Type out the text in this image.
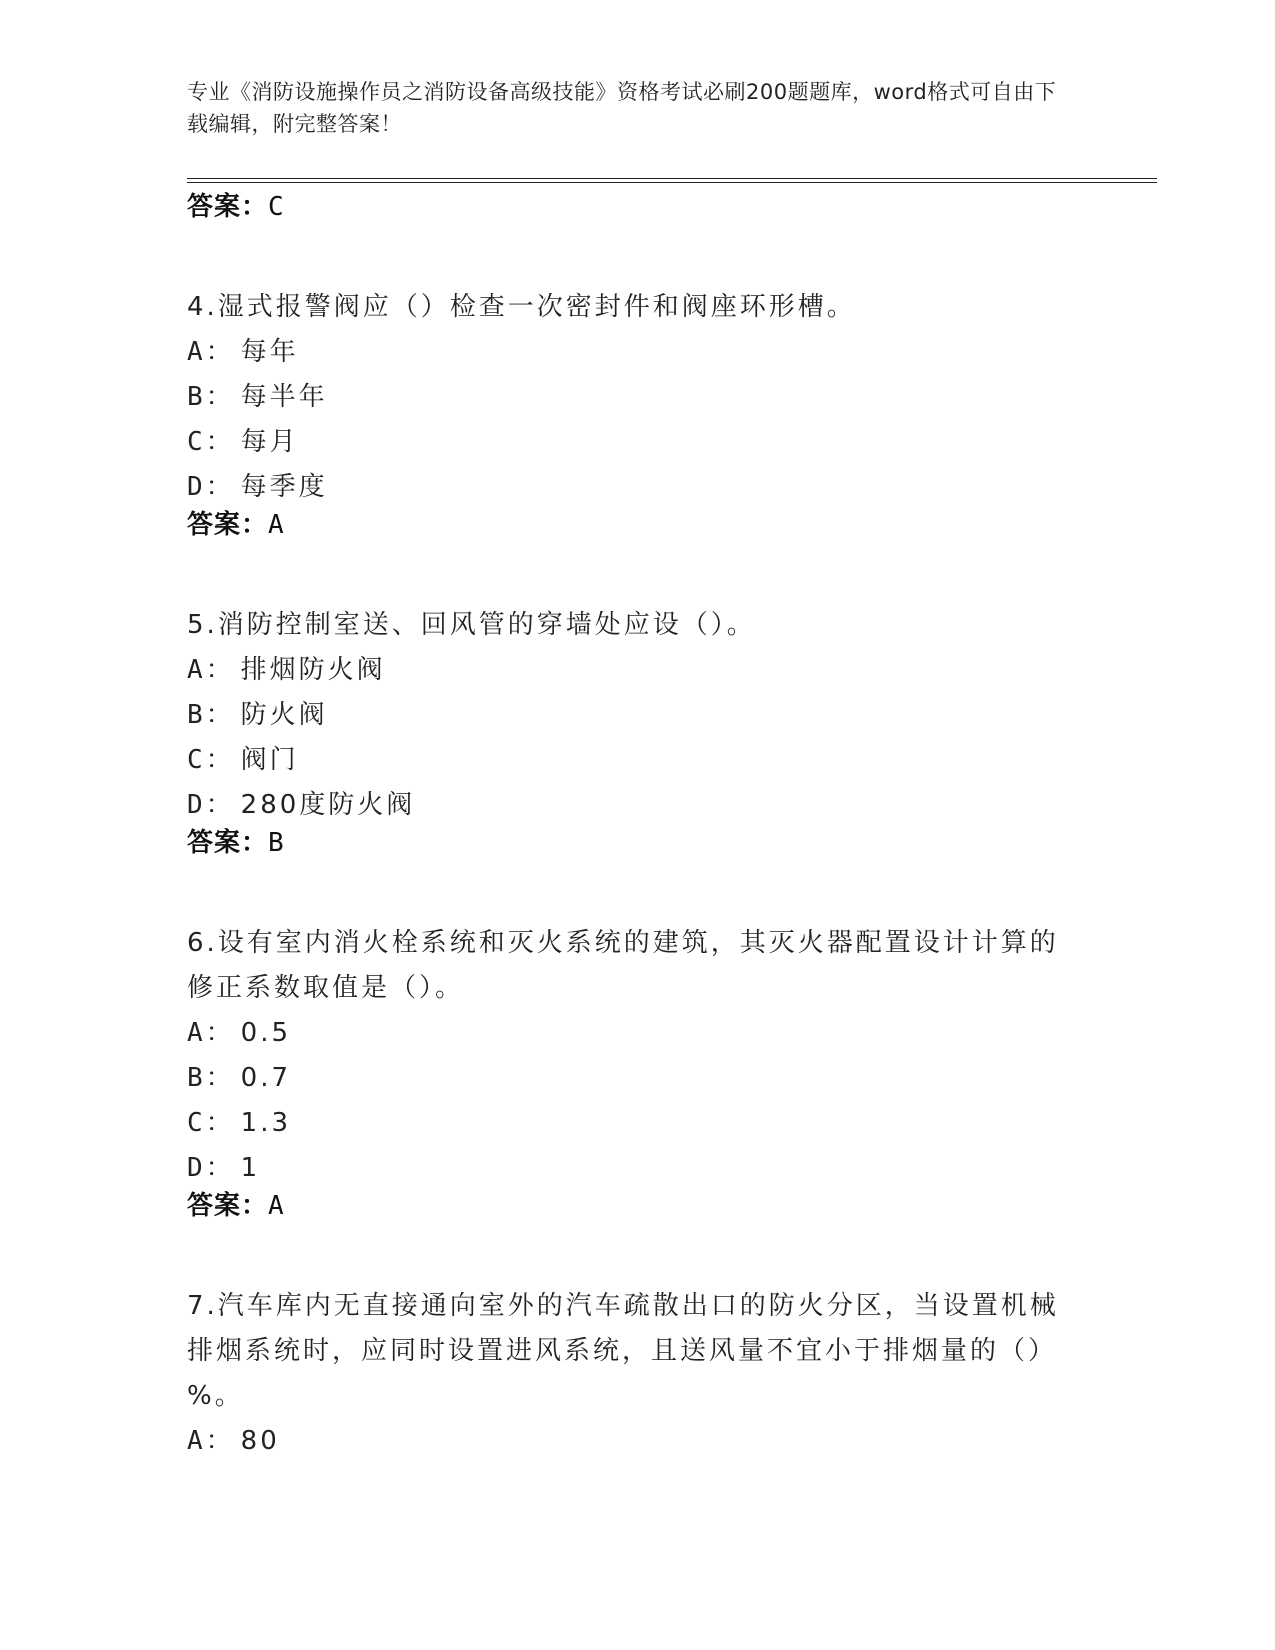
专业《消防设施操作员之消防设备高级技能》资格考试必刷200题题库，word格式可自由下载编辑，附完整答案！
答案：C

4.湿式报警阀应（）检查一次密封件和阀座环形槽。

A： 每年

B： 每半年

C： 每月

D： 每季度

答案：A

5.消防控制室送、回风管的穿墙处应设（）。

A： 排烟防火阀

B： 防火阀

C： 阀门

D： 280度防火阀

答案：B

6.设有室内消火栓系统和灭火系统的建筑，其灭火器配置设计计算的修正系数取值是（）。

A： 0.5

B： 0.7

C： 1.3

D： 1

答案：A

7.汽车库内无直接通向室外的汽车疏散出口的防火分区，当设置机械排烟系统时，应同时设置进风系统，且送风量不宜小于排烟量的（）%。

A： 80
